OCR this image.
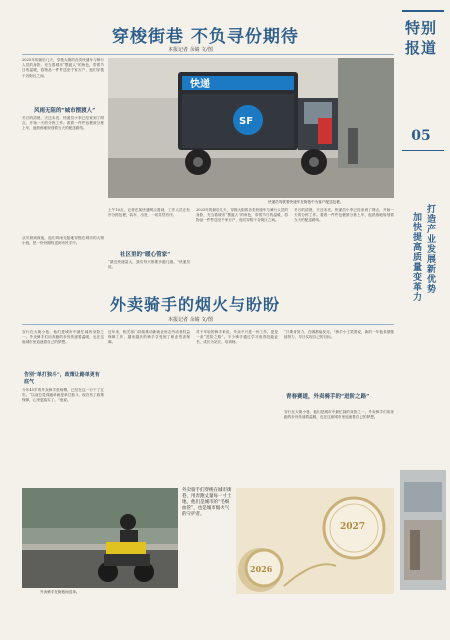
穿梭街巷 不负寻份期待
本报记者 余婧 文/图
2025年的最后几天，穿梭大街的各类快递车与骑行人员的身影，充当着城市“摆渡人”的角色，带着节日的温暖，将物品一件件送至千家万户，他们穿梭于各街区之间。
风雨无阻的“城市摆渡人”
冬日的清晨，天还未亮，快递员小李已经来到了网点，开始一天的分拣工作。看着一件件包裹被分拣上车，他熟练地规划着当天的配送路线。
从早晨到深夜，他们风雨无阻地穿梭在城市的大街小巷，把一份份期待送到市民手中。
快递
SF
快递员驾驶着快递车在街巷中为客户配送包裹。
上午10点，记者在某快递网点看到，工作人员正有序分拣包裹，装车、出发，一切井然有序。
社区里的“暖心管家”
“最近快递量大，我们每天都要多跑几趟。”快递员说。
2025年的最后几天，穿梭大街的各类快递车与骑行人员的身影，充当着城市“摆渡人”的角色，带着节日的温暖，将物品一件件送至千家万户，他们穿梭于各街区之间。
冬日的清晨，天还未亮，快递员小李已经来到了网点，开始一天的分拣工作。看着一件件包裹被分拣上车，他熟练地规划着当天的配送路线。
外卖骑手的烟火与盼盼
本报记者 余婧 文/图
穿行在大街小巷，他们是城市中最忙碌的身影之一。外卖骑手们用奔跑的步伐传递着温暖，也在这座城市里追逐着自己的梦想。
告别“单打独斗”，政策让路单更有底气
今年45岁的外卖骑手张师傅，已经在这一行干了五年。“以前总觉得跑单就是单打独斗，现在有了政策保障，心里更踏实了。”他说。
近年来，相关部门持续推动新就业形态劳动者权益保障工作，越来越多的骑手享受到了职业伤害保障。
对于年轻的骑手来说，外卖不只是一份工作，更是一条“进阶之路”。不少骑手通过学习取得技能证书，成长为站长、培训师。
“只要肯努力，在哪都能发光。”骑手小王笑着说，新的一年他希望继续努力，早日实现自己的目标。
青春赛道，外卖骑手的“进阶之路”
穿行在大街小巷，他们是城市中最忙碌的身影之一。外卖骑手们用奔跑的步伐传递着温暖，也在这座城市里追逐着自己的梦想。
外卖骑手在街巷间送单。
外卖骑手们穿梭在城市街巷，用奔跑丈量每一寸土地，他们是城市的“毛细血管”，也是城市烟火气的守护者。
2026
2027
特别报道
05
打造产业发展新优势
加快提高质量变革力
